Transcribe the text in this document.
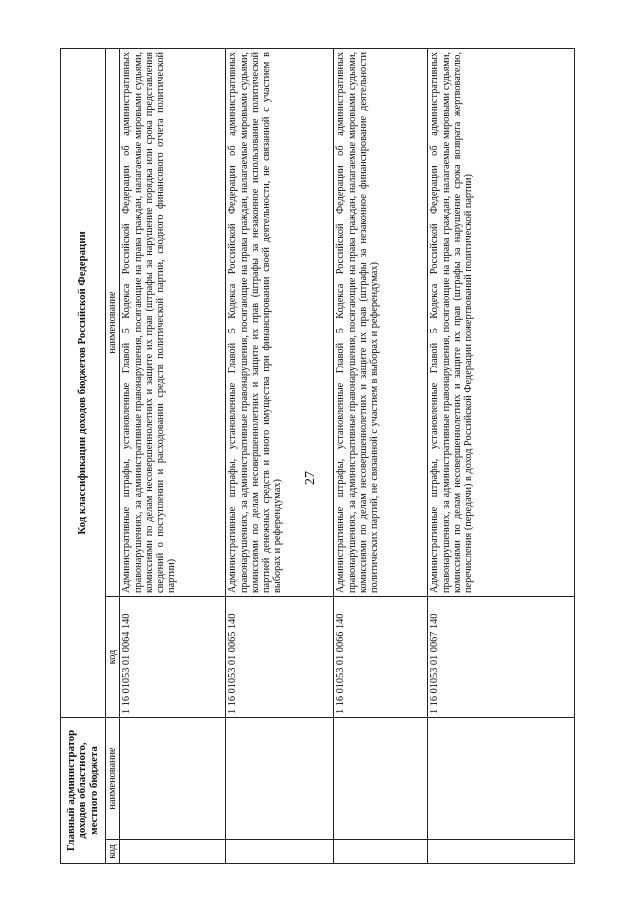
27
Главный администратор доходов областного, местного бюджета		Код классификации доходов бюджетов Российской Федерации	
код	наименование	код	наименование
		1 16 01053 01 0064 140	Административные штрафы, установленные Главой 5 Кодекса Российской Федерации об административных правонарушениях, за административные правонарушения, посягающие на права граждан, налагаемые мировыми судьями, комиссиями по делам несовершеннолетних и защите их прав (штрафы за нарушение порядка или срока представления сведений о поступлении и расходовании средств политической партии, сводного финансового отчета политической партии)
		1 16 01053 01 0065 140	Административные штрафы, установленные Главой 5 Кодекса Российской Федерации об административных правонарушениях, за административные правонарушения, посягающие на права граждан, налагаемые мировыми судьями, комиссиями по делам несовершеннолетних и защите их прав (штрафы за незаконное использование политической партией денежных средств и иного имущества при финансировании своей деятельности, не связанной с участием в выборах и референдумах)
		1 16 01053 01 0066 140	Административные штрафы, установленные Главой 5 Кодекса Российской Федерации об административных правонарушениях, за административные правонарушения, посягающие на права граждан, налагаемые мировыми судьями, комиссиями по делам несовершеннолетних и защите их прав (штрафы за незаконное финансирование деятельности политических партий, не связанной с участием в выборах и референдумах)
		1 16 01053 01 0067 140	Административные штрафы, установленные Главой 5 Кодекса Российской Федерации об административных правонарушениях, за административные правонарушения, посягающие на права граждан, налагаемые мировыми судьями, комиссиями по делам несовершеннолетних и защите их прав (штрафы за нарушение срока возврата жертвователю, перечисления (передачи) в доход Российской Федерации пожертвований политической партии)
